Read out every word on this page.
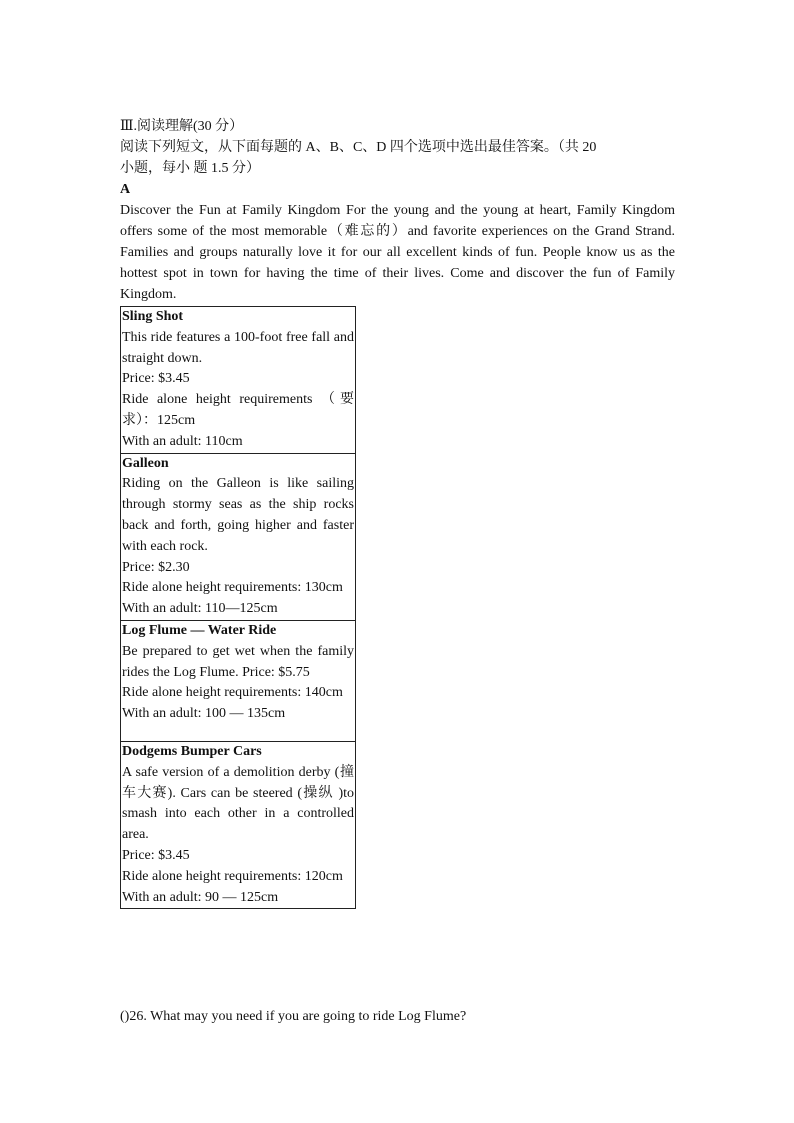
Ⅲ.阅读理解(30 分）

阅读下列短文，从下面每题的 A、B、C、D 四个选项中选出最佳答案。（共 20

小题，每小 题 1.5 分）

A

Discover the Fun at Family Kingdom For the young and the young at heart, Family Kingdom offers some of the most memorable（难忘的）and favorite experiences on the Grand Strand. Families and groups naturally love it for our all excellent kinds of fun. People know us as the hottest spot in town for having the time of their lives. Come and discover the fun of Family Kingdom.

Sling Shot
This ride features a 100-foot free fall and straight down.
Price: $3.45
Ride alone height requirements （要求）：125cm
With an adult: 110cm

Galleon
Riding on the Galleon is like sailing through stormy seas as the ship rocks back and forth, going higher and faster with each rock.
Price: $2.30
Ride alone height requirements: 130cm
With an adult: 110—125cm

Log Flume — Water Ride
Be prepared to get wet when the family rides the Log Flume. Price: $5.75
Ride alone height requirements: 140cm
With an adult: 100 — 135cm

Dodgems Bumper Cars
A safe version of a demolition derby (撞车大赛). Cars can be steered (操纵 )to smash into each other in a controlled area.
Price: $3.45
Ride alone height requirements: 120cm
With an adult: 90 — 125cm
()26. What may you need if you are going to ride Log Flume?
